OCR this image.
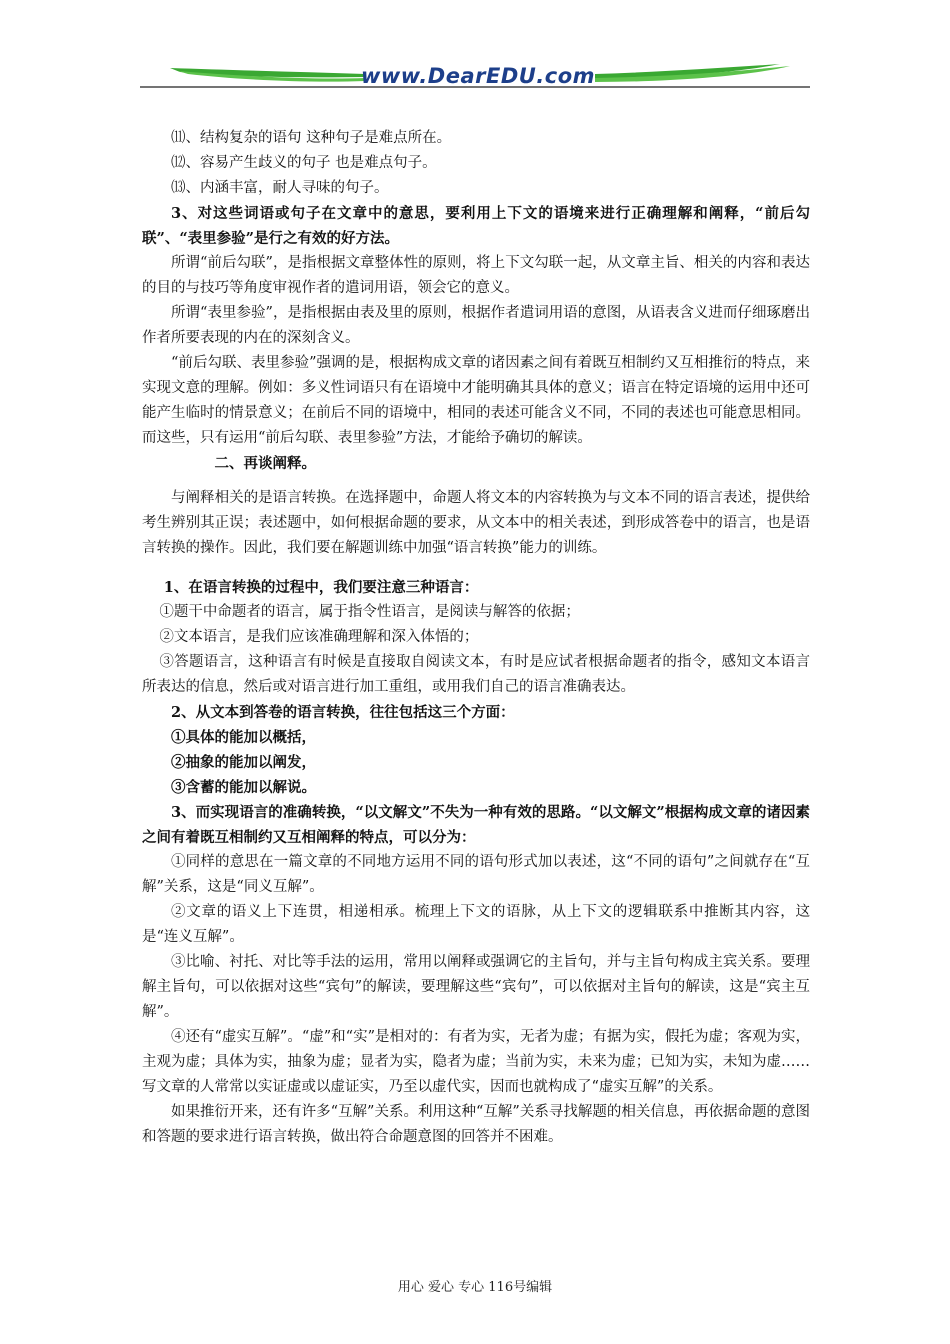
www.DearEDU.com

⑾、结构复杂的语句 这种句子是难点所在。

⑿、容易产生歧义的句子 也是难点句子。

⒀、内涵丰富，耐人寻味的句子。

3、对这些词语或句子在文章中的意思，要利用上下文的语境来进行正确理解和阐释，“前后勾联”、“表里参验”是行之有效的好方法。

所谓“前后勾联”，是指根据文章整体性的原则，将上下文勾联一起，从文章主旨、相关的内容和表达的目的与技巧等角度审视作者的遣词用语，领会它的意义。

所谓“表里参验”，是指根据由表及里的原则，根据作者遣词用语的意图，从语表含义进而仔细琢磨出作者所要表现的内在的深刻含义。

“前后勾联、表里参验”强调的是，根据构成文章的诸因素之间有着既互相制约又互相推衍的特点，来实现文意的理解。例如：多义性词语只有在语境中才能明确其具体的意义；语言在特定语境的运用中还可能产生临时的情景意义；在前后不同的语境中，相同的表述可能含义不同，不同的表述也可能意思相同。而这些，只有运用“前后勾联、表里参验”方法，才能给予确切的解读。

二、再谈阐释。

与阐释相关的是语言转换。在选择题中，命题人将文本的内容转换为与文本不同的语言表述，提供给考生辨别其正误；表述题中，如何根据命题的要求，从文本中的相关表述，到形成答卷中的语言，也是语言转换的操作。因此，我们要在解题训练中加强“语言转换”能力的训练。

1、在语言转换的过程中，我们要注意三种语言：

①题干中命题者的语言，属于指令性语言，是阅读与解答的依据；

②文本语言，是我们应该准确理解和深入体悟的；

③答题语言，这种语言有时候是直接取自阅读文本，有时是应试者根据命题者的指令，感知文本语言所表达的信息，然后或对语言进行加工重组，或用我们自己的语言准确表达。

2、从文本到答卷的语言转换，往往包括这三个方面：

①具体的能加以概括，

②抽象的能加以阐发，

③含蓄的能加以解说。

3、而实现语言的准确转换，“以文解文”不失为一种有效的思路。“以文解文”根据构成文章的诸因素之间有着既互相制约又互相阐释的特点，可以分为：

①同样的意思在一篇文章的不同地方运用不同的语句形式加以表述，这“不同的语句”之间就存在“互解”关系，这是“同义互解”。

②文章的语义上下连贯，相递相承。梳理上下文的语脉，从上下文的逻辑联系中推断其内容，这是“连义互解”。

③比喻、衬托、对比等手法的运用，常用以阐释或强调它的主旨句，并与主旨句构成主宾关系。要理解主旨句，可以依据对这些“宾句”的解读，要理解这些“宾句”，可以依据对主旨句的解读，这是“宾主互解”。

④还有“虚实互解”。“虚”和“实”是相对的：有者为实，无者为虚；有据为实，假托为虚；客观为实，主观为虚；具体为实，抽象为虚；显者为实，隐者为虚；当前为实，未来为虚；已知为实，未知为虚……写文章的人常常以实证虚或以虚证实，乃至以虚代实，因而也就构成了“虚实互解”的关系。

如果推衍开来，还有许多“互解”关系。利用这种“互解”关系寻找解题的相关信息，再依据命题的意图和答题的要求进行语言转换，做出符合命题意图的回答并不困难。

用心 爱心 专心 116号编辑
